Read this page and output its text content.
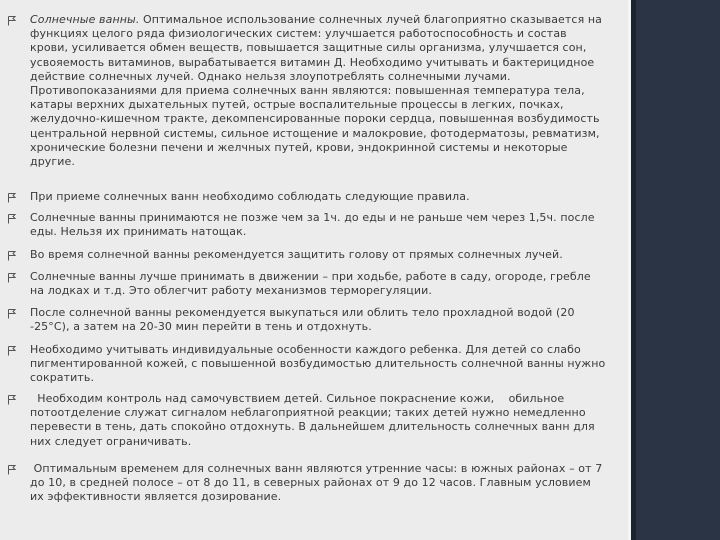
Солнечные ванны. Оптимальное использование солнечных лучей благоприятно сказывается на функциях целого ряда физиологических систем: улучшается работоспособность и состав крови, усиливается обмен веществ, повышается защитные силы организма, улучшается сон, усвояемость витаминов, вырабатывается витамин Д. Необходимо учитывать и бактерицидное действие солнечных лучей. Однако нельзя злоупотреблять солнечными лучами. Противопоказаниями для приема солнечных ванн являются: повышенная температура тела, катары верхних дыхательных путей, острые воспалительные процессы в легких, почках, желудочно-кишечном тракте, декомпенсированные пороки сердца, повышенная возбудимость центральной нервной системы, сильное истощение и малокровие, фотодерматозы, ревматизм, хронические болезни печени и желчных путей, крови, эндокринной системы и некоторые другие.
При приеме солнечных ванн необходимо соблюдать следующие правила.
Солнечные ванны принимаются не позже чем за 1ч. до еды и не раньше чем через 1,5ч. после еды. Нельзя их принимать натощак.
Во время солнечной ванны рекомендуется защитить голову от прямых солнечных лучей.
Солнечные ванны лучше принимать в движении – при ходьбе, работе в саду, огороде, гребле на лодках и т.д. Это облегчит работу механизмов терморегуляции.
После солнечной ванны рекомендуется выкупаться или облить тело прохладной водой (20 -25°С), а затем на 20-30 мин перейти в тень и отдохнуть.
Необходимо учитывать индивидуальные особенности каждого ребенка. Для детей со слабо пигментированной кожей, с повышенной возбудимостью длительность солнечной ванны нужно сократить.
Необходим контроль над самочувствием детей. Сильное покраснение кожи,    обильное потоотделение служат сигналом неблагоприятной реакции; таких детей нужно немедленно перевести в тень, дать спокойно отдохнуть. В дальнейшем длительность солнечных ванн для них следует ограничивать.
Оптимальным временем для солнечных ванн являются утренние часы: в южных районах – от 7 до 10, в средней полосе – от 8 до 11, в северных районах от 9 до 12 часов. Главным условием их эффективности является дозирование.
